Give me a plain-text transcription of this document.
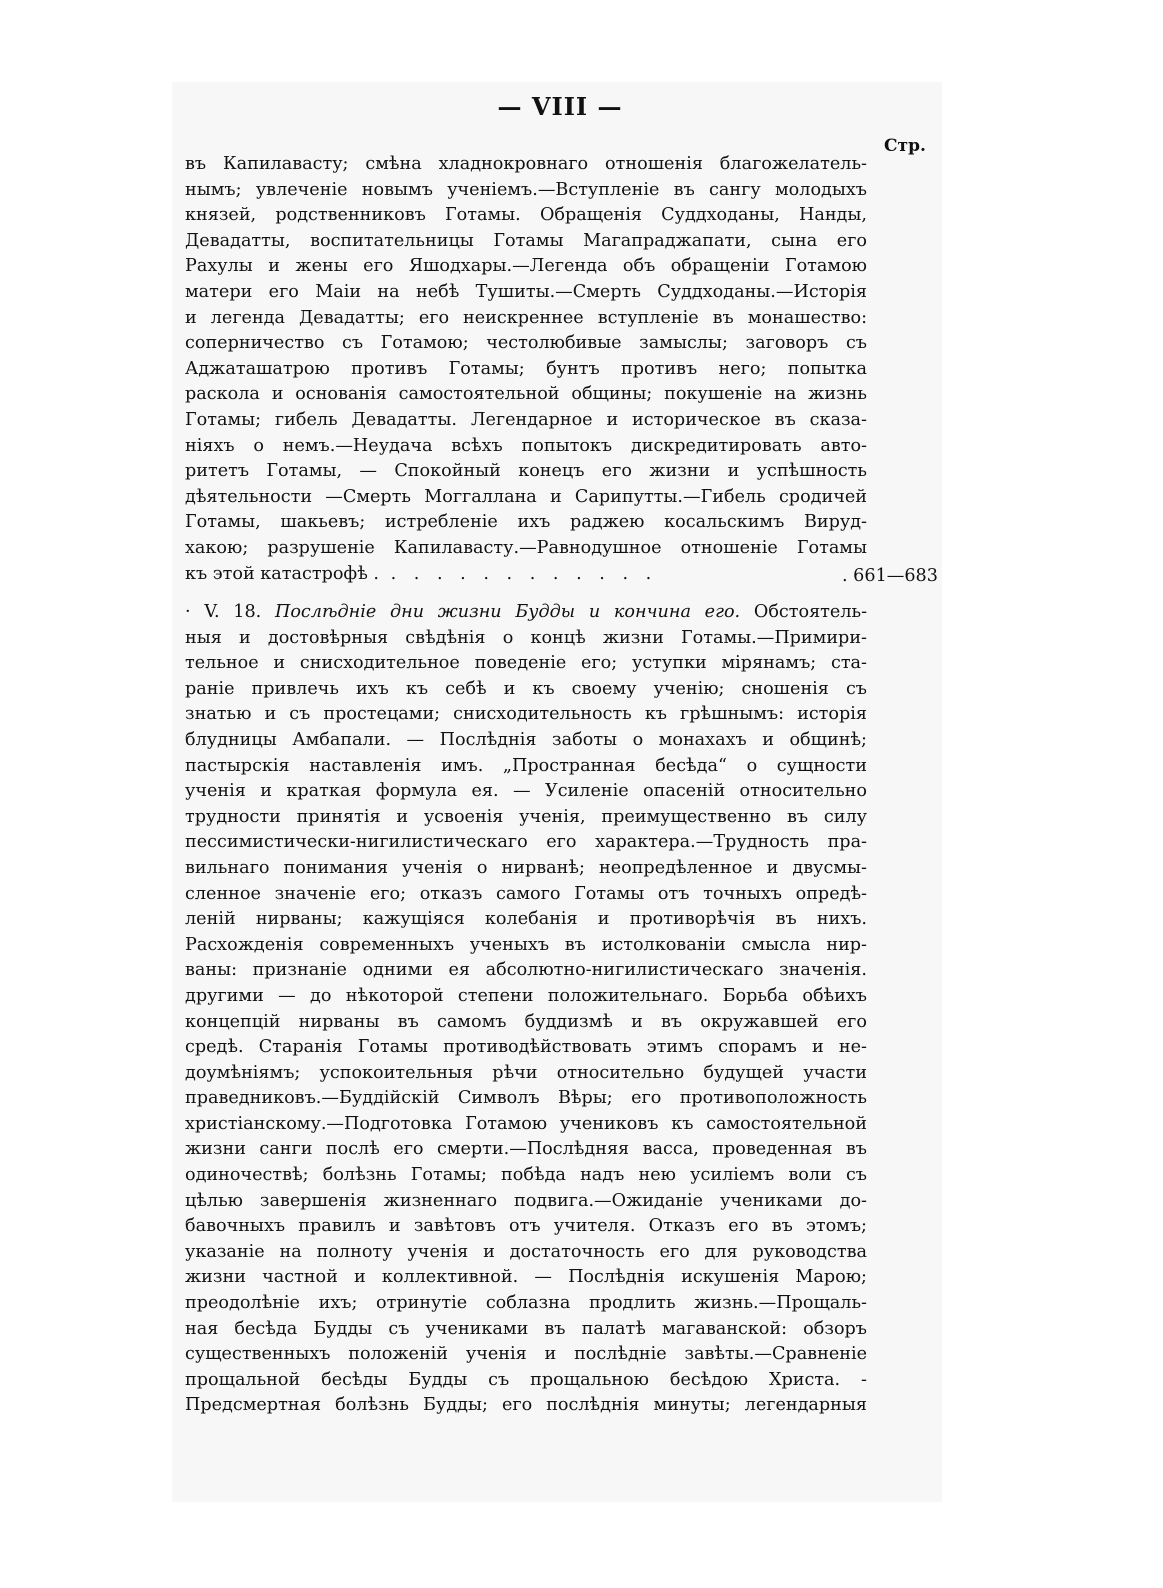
— VIII —
Стр.
въ Капилавасту; смѣна хладнокровнаго отношенія благожелатель-
нымъ; увлеченіе новымъ ученіемъ.—Вступленіе въ сангу молодыхъ
князей, родственниковъ Готамы. Обращенія Суддходаны, Нанды,
Девадатты, воспитательницы Готамы Магапраджапати, сына его
Рахулы и жены его Яшодхары.—Легенда объ обращеніи Готамою
матери его Маіи на небѣ Тушиты.—Смерть Суддходаны.—Исторія
и легенда Девадатты; его неискреннее вступленіе въ монашество:
соперничество съ Готамою; честолюбивые замыслы; заговоръ съ
Аджаташатрою противъ Готамы; бунтъ противъ него; попытка
раскола и основанія самостоятельной общины; покушеніе на жизнь
Готамы; гибель Девадатты. Легендарное и историческое въ сказа-
ніяхъ о немъ.—Неудача всѣхъ попытокъ дискредитировать авто-
ритетъ Готамы, — Спокойный конецъ его жизни и успѣшность
дѣятельности —Смерть Моггаллана и Сарипутты.—Гибель сродичей
Готамы, шакьевъ; истребленіе ихъ раджею косальскимъ Вируд-
хакою; разрушеніе Капилавасту.—Равнодушное отношеніе Готамы
къ этой катастрофѣ . . . . . . . . . . . . .	. 661—683
· V. 18. Послѣдніе дни жизни Будды и кончина его. Обстоятель-
ныя и достовѣрныя свѣдѣнія о концѣ жизни Готамы.—Примири-
тельное и снисходительное поведеніе его; уступки мірянамъ; ста-
раніе привлечь ихъ къ себѣ и къ своему ученію; сношенія съ
знатью и съ простецами; снисходительность къ грѣшнымъ: исторія
блудницы Амбапали. — Послѣднія заботы о монахахъ и общинѣ;
пастырскія наставленія имъ. „Пространная бесѣда“ о сущности
ученія и краткая формула ея. — Усиленіе опасеній относительно
трудности принятія и усвоенія ученія, преимущественно въ силу
пессимистически-нигилистическаго его характера.—Трудность пра-
вильнаго понимания ученія о нирванѣ; неопредѣленное и двусмы-
сленное значеніе его; отказъ самого Готамы отъ точныхъ опредѣ-
леній нирваны; кажущіяся колебанія и противорѣчія въ нихъ.
Расхожденія современныхъ ученыхъ въ истолкованіи смысла нир-
ваны: признаніе одними ея абсолютно-нигилистическаго значенія.
другими — до нѣкоторой степени положительнаго. Борьба обѣихъ
концепцій нирваны въ самомъ буддизмѣ и въ окружавшей его
средѣ. Старанія Готамы противодѣйствовать этимъ спорамъ и не-
доумѣніямъ; успокоительныя рѣчи относительно будущей участи
праведниковъ.—Буддійскій Символъ Вѣры; его противоположность
христіанскому.—Подготовка Готамою учениковъ къ самостоятельной
жизни санги послѣ его смерти.—Послѣдняя васса, проведенная въ
одиночествѣ; болѣзнь Готамы; побѣда надъ нею усиліемъ воли съ
цѣлью завершенія жизненнаго подвига.—Ожиданіе учениками до-
бавочныхъ правилъ и завѣтовъ отъ учителя. Отказъ его въ этомъ;
указаніе на полноту ученія и достаточность его для руководства
жизни частной и коллективной. — Послѣднія искушенія Марою;
преодолѣніе ихъ; отринутіе соблазна продлить жизнь.—Прощаль-
ная бесѣда Будды съ учениками въ палатѣ магаванской: обзоръ
существенныхъ положеній ученія и послѣдніе завѣты.—Сравненіе
прощальной бесѣды Будды съ прощальною бесѣдою Христа. -
Предсмертная болѣзнь Будды; его послѣднія минуты; легендарныя
